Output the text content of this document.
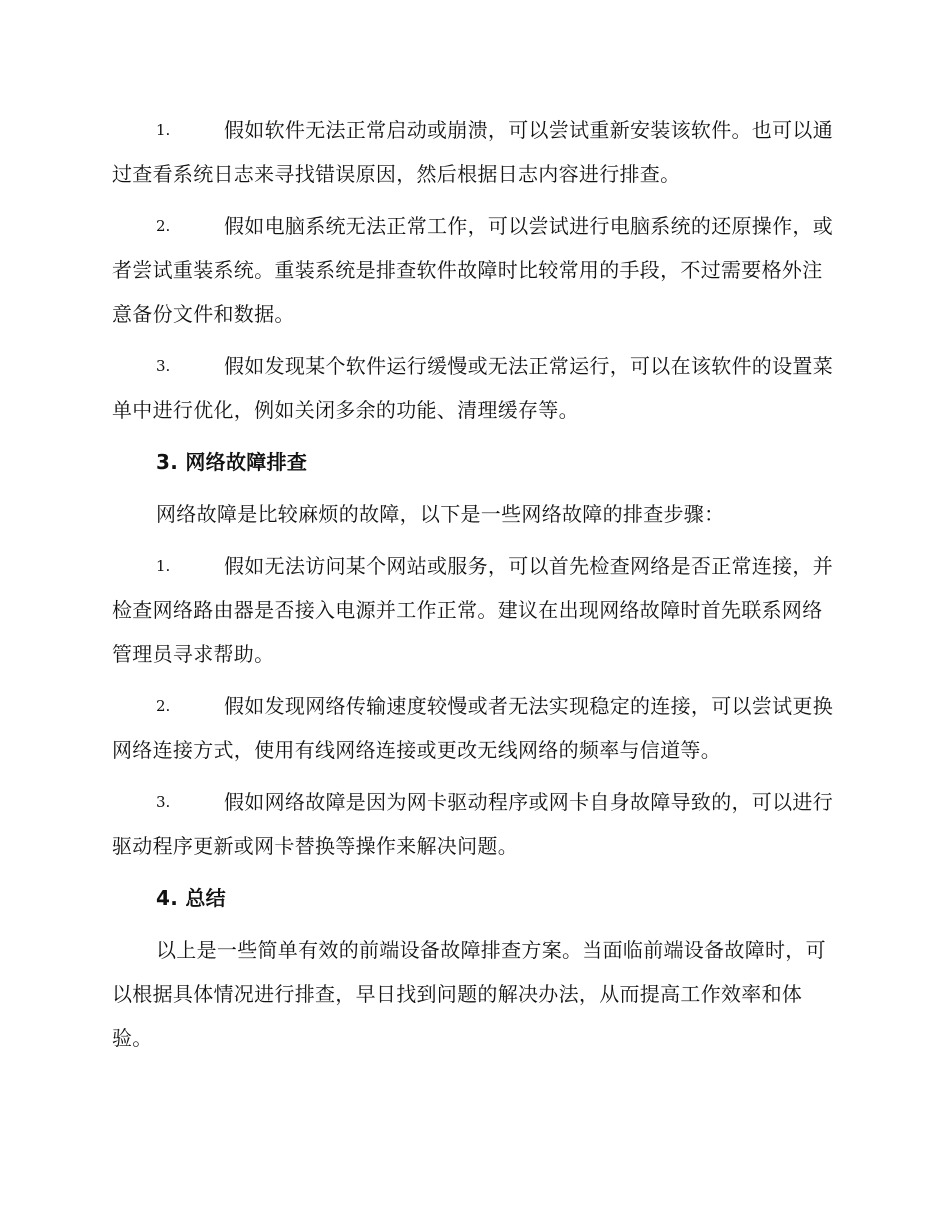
1.	假如软件无法正常启动或崩溃，可以尝试重新安装该软件。也可以通过查看系统日志来寻找错误原因，然后根据日志内容进行排查。
2.	假如电脑系统无法正常工作，可以尝试进行电脑系统的还原操作，或者尝试重装系统。重装系统是排查软件故障时比较常用的手段，不过需要格外注意备份文件和数据。
3.	假如发现某个软件运行缓慢或无法正常运行，可以在该软件的设置菜单中进行优化，例如关闭多余的功能、清理缓存等。
3. 网络故障排查
网络故障是比较麻烦的故障，以下是一些网络故障的排查步骤：
1.	假如无法访问某个网站或服务，可以首先检查网络是否正常连接，并检查网络路由器是否接入电源并工作正常。建议在出现网络故障时首先联系网络管理员寻求帮助。
2.	假如发现网络传输速度较慢或者无法实现稳定的连接，可以尝试更换网络连接方式，使用有线网络连接或更改无线网络的频率与信道等。
3.	假如网络故障是因为网卡驱动程序或网卡自身故障导致的，可以进行驱动程序更新或网卡替换等操作来解决问题。
4. 总结
以上是一些简单有效的前端设备故障排查方案。当面临前端设备故障时，可以根据具体情况进行排查，早日找到问题的解决办法，从而提高工作效率和体验。
